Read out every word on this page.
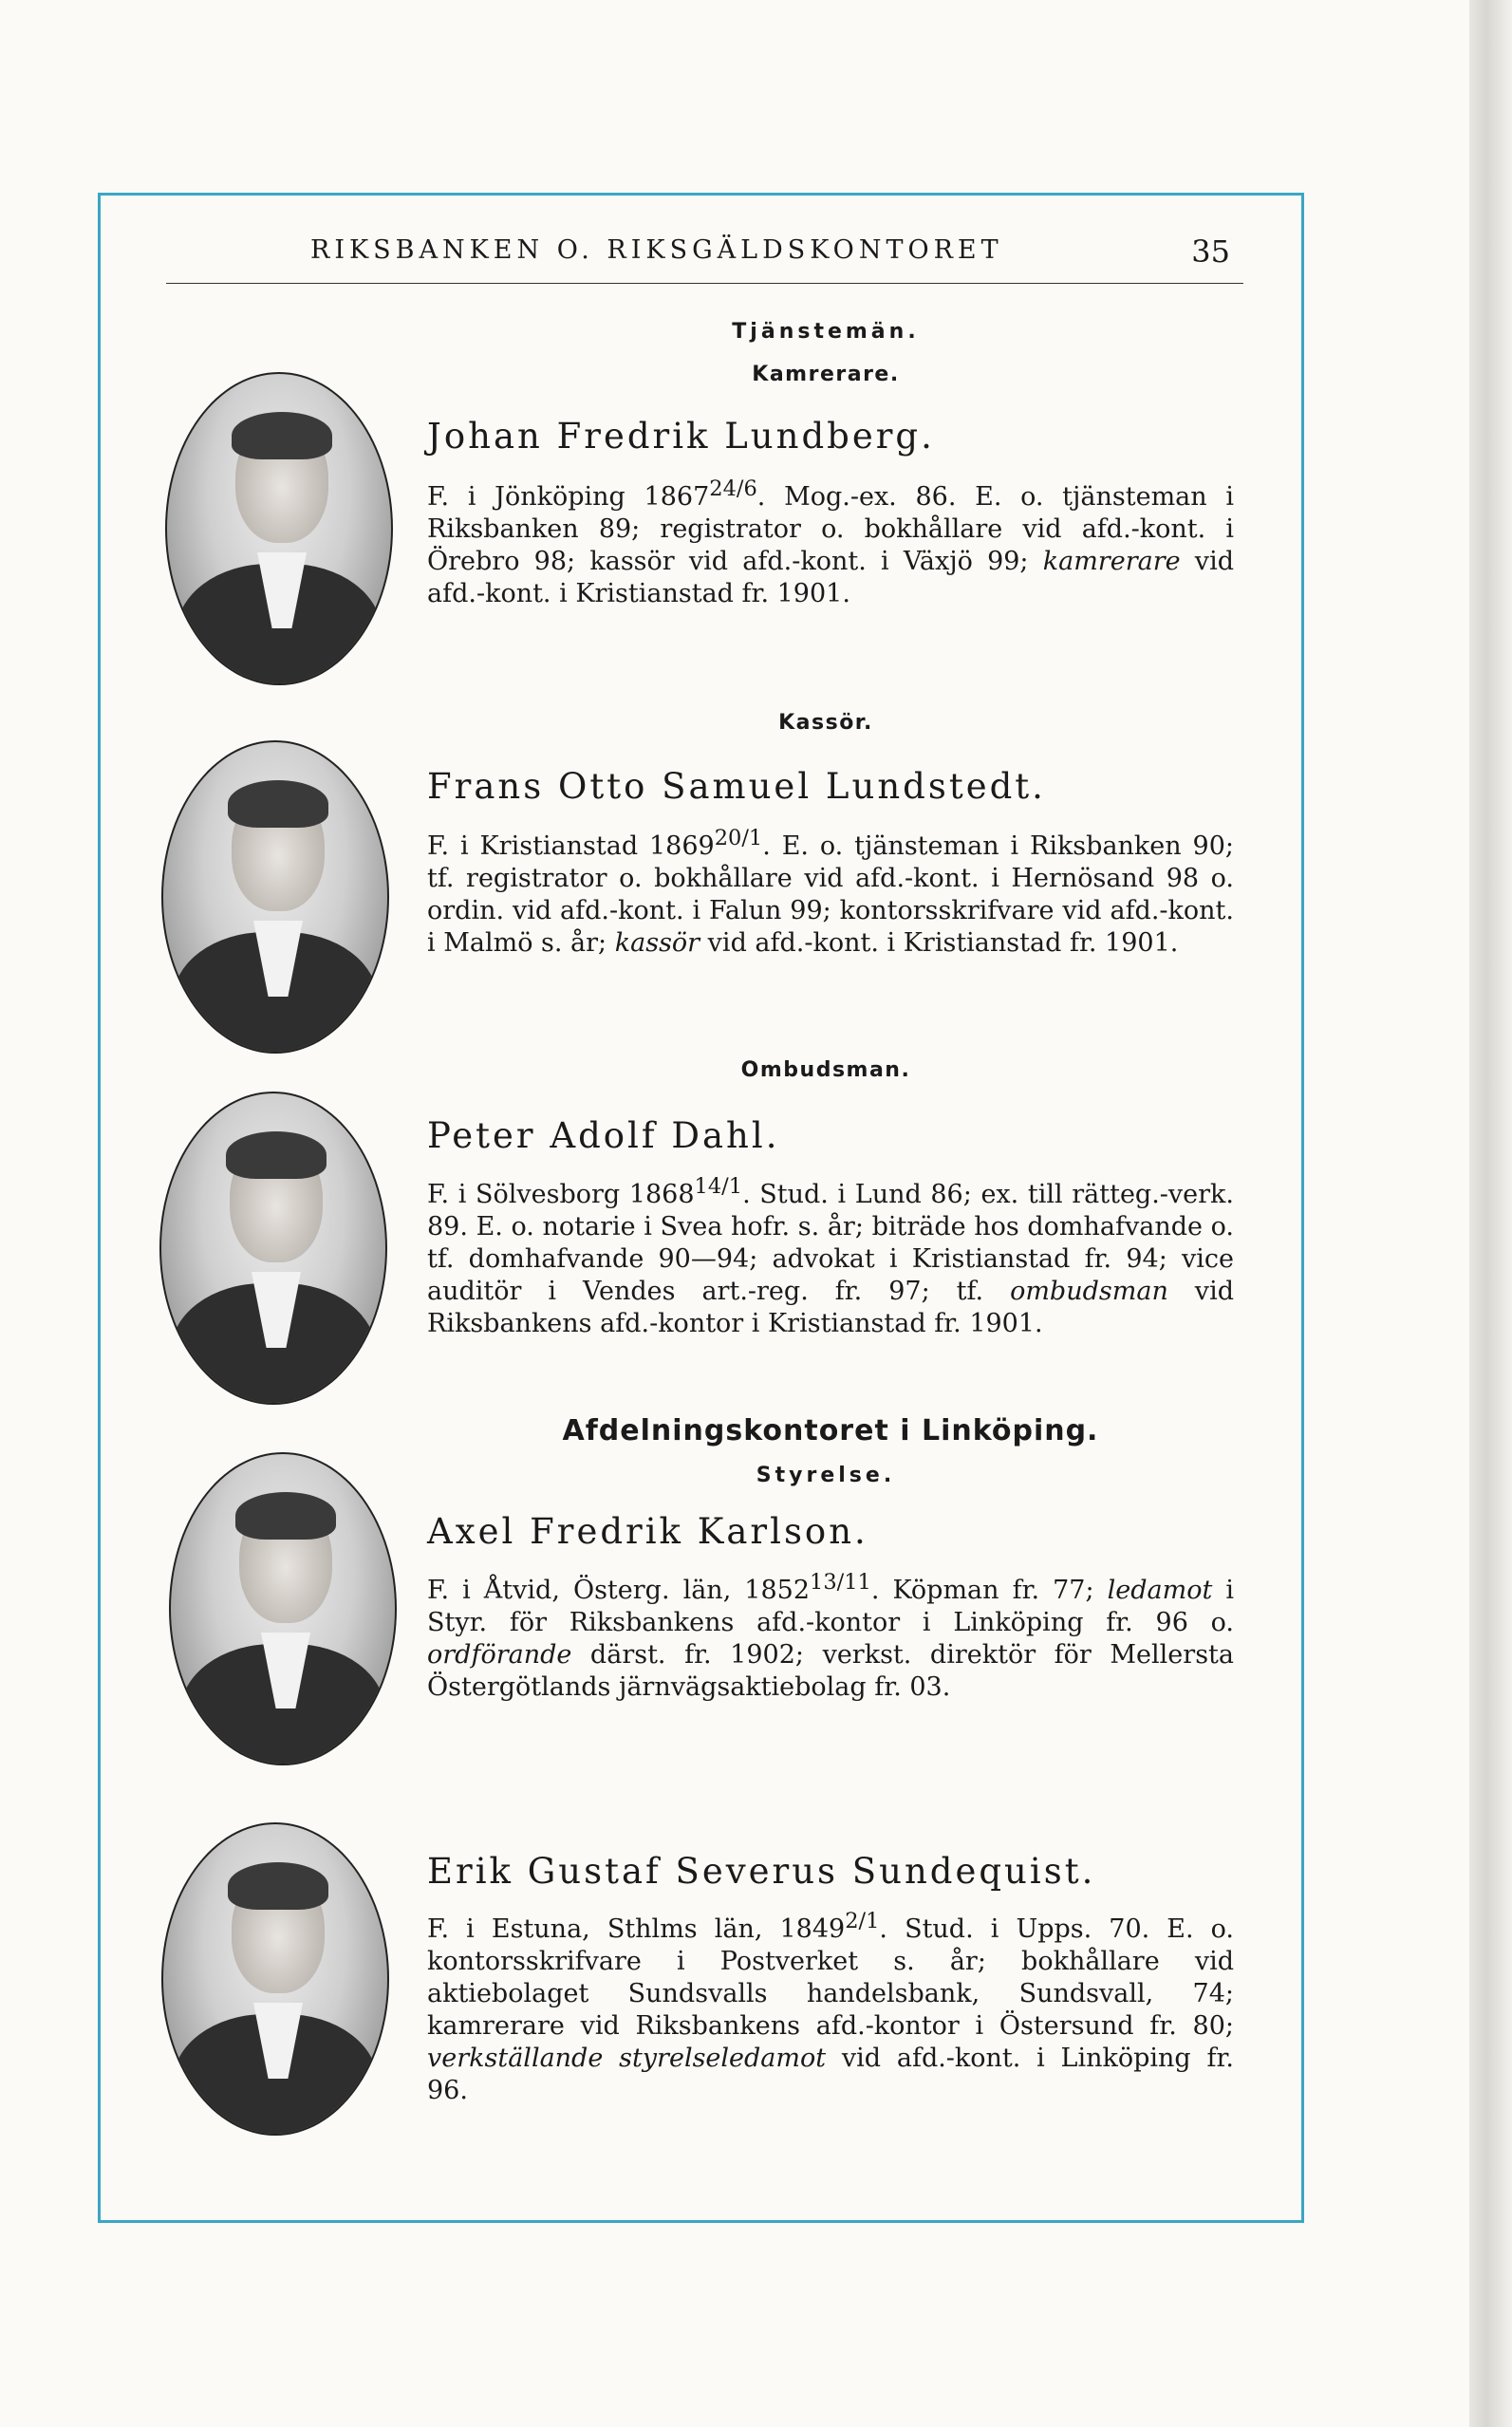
RIKSBANKEN O. RIKSGÄLDSKONTORET	35
Tjänstemän.
Kamrerare.
Johan Fredrik Lundberg.
F. i Jönköping $1867^{24/6}$. Mog.-ex. 86. E. o. tjänsteman i Riksbanken 89; registrator o. bokhållare vid afd.-kont. i Örebro 98; kassör vid afd.-kont. i Växjö 99; kamrerare vid afd.-kont. i Kristianstad fr. 1901.
Kassör.
Frans Otto Samuel Lundstedt.
F. i Kristianstad $1869^{20/1}$. E. o. tjänsteman i Riksbanken 90; tf. registrator o. bokhållare vid afd.-kont. i Hernösand 98 o. ordin. vid afd.-kont. i Falun 99; kontorsskrifvare vid afd.-kont. i Malmö s. år; kassör vid afd.-kont. i Kristianstad fr. 1901.
Ombudsman.
Peter Adolf Dahl.
F. i Sölvesborg $1868^{14/1}$. Stud. i Lund 86; ex. till rätteg.-verk. 89. E. o. notarie i Svea hofr. s. år; biträde hos domhafvande o. tf. domhafvande 90—94; advokat i Kristianstad fr. 94; vice auditör i Vendes art.-reg. fr. 97; tf. ombudsman vid Riksbankens afd.-kontor i Kristianstad fr. 1901.
Afdelningskontoret i Linköping.
Styrelse.
Axel Fredrik Karlson.
F. i Åtvid, Österg. län, $1852^{13/11}$. Köpman fr. 77; ledamot i Styr. för Riksbankens afd.-kontor i Linköping fr. 96 o. ordförande därst. fr. 1902; verkst. direktör för Mellersta Östergötlands järnvägsaktiebolag fr. 03.
Erik Gustaf Severus Sundequist.
F. i Estuna, Sthlms län, $1849^{2/1}$. Stud. i Upps. 70. E. o. kontorsskrifvare i Postverket s. år; bokhållare vid aktiebolaget Sundsvalls handelsbank, Sundsvall, 74; kamrerare vid Riksbankens afd.-kontor i Östersund fr. 80; verkställande styrelseledamot vid afd.-kont. i Linköping fr. 96.
